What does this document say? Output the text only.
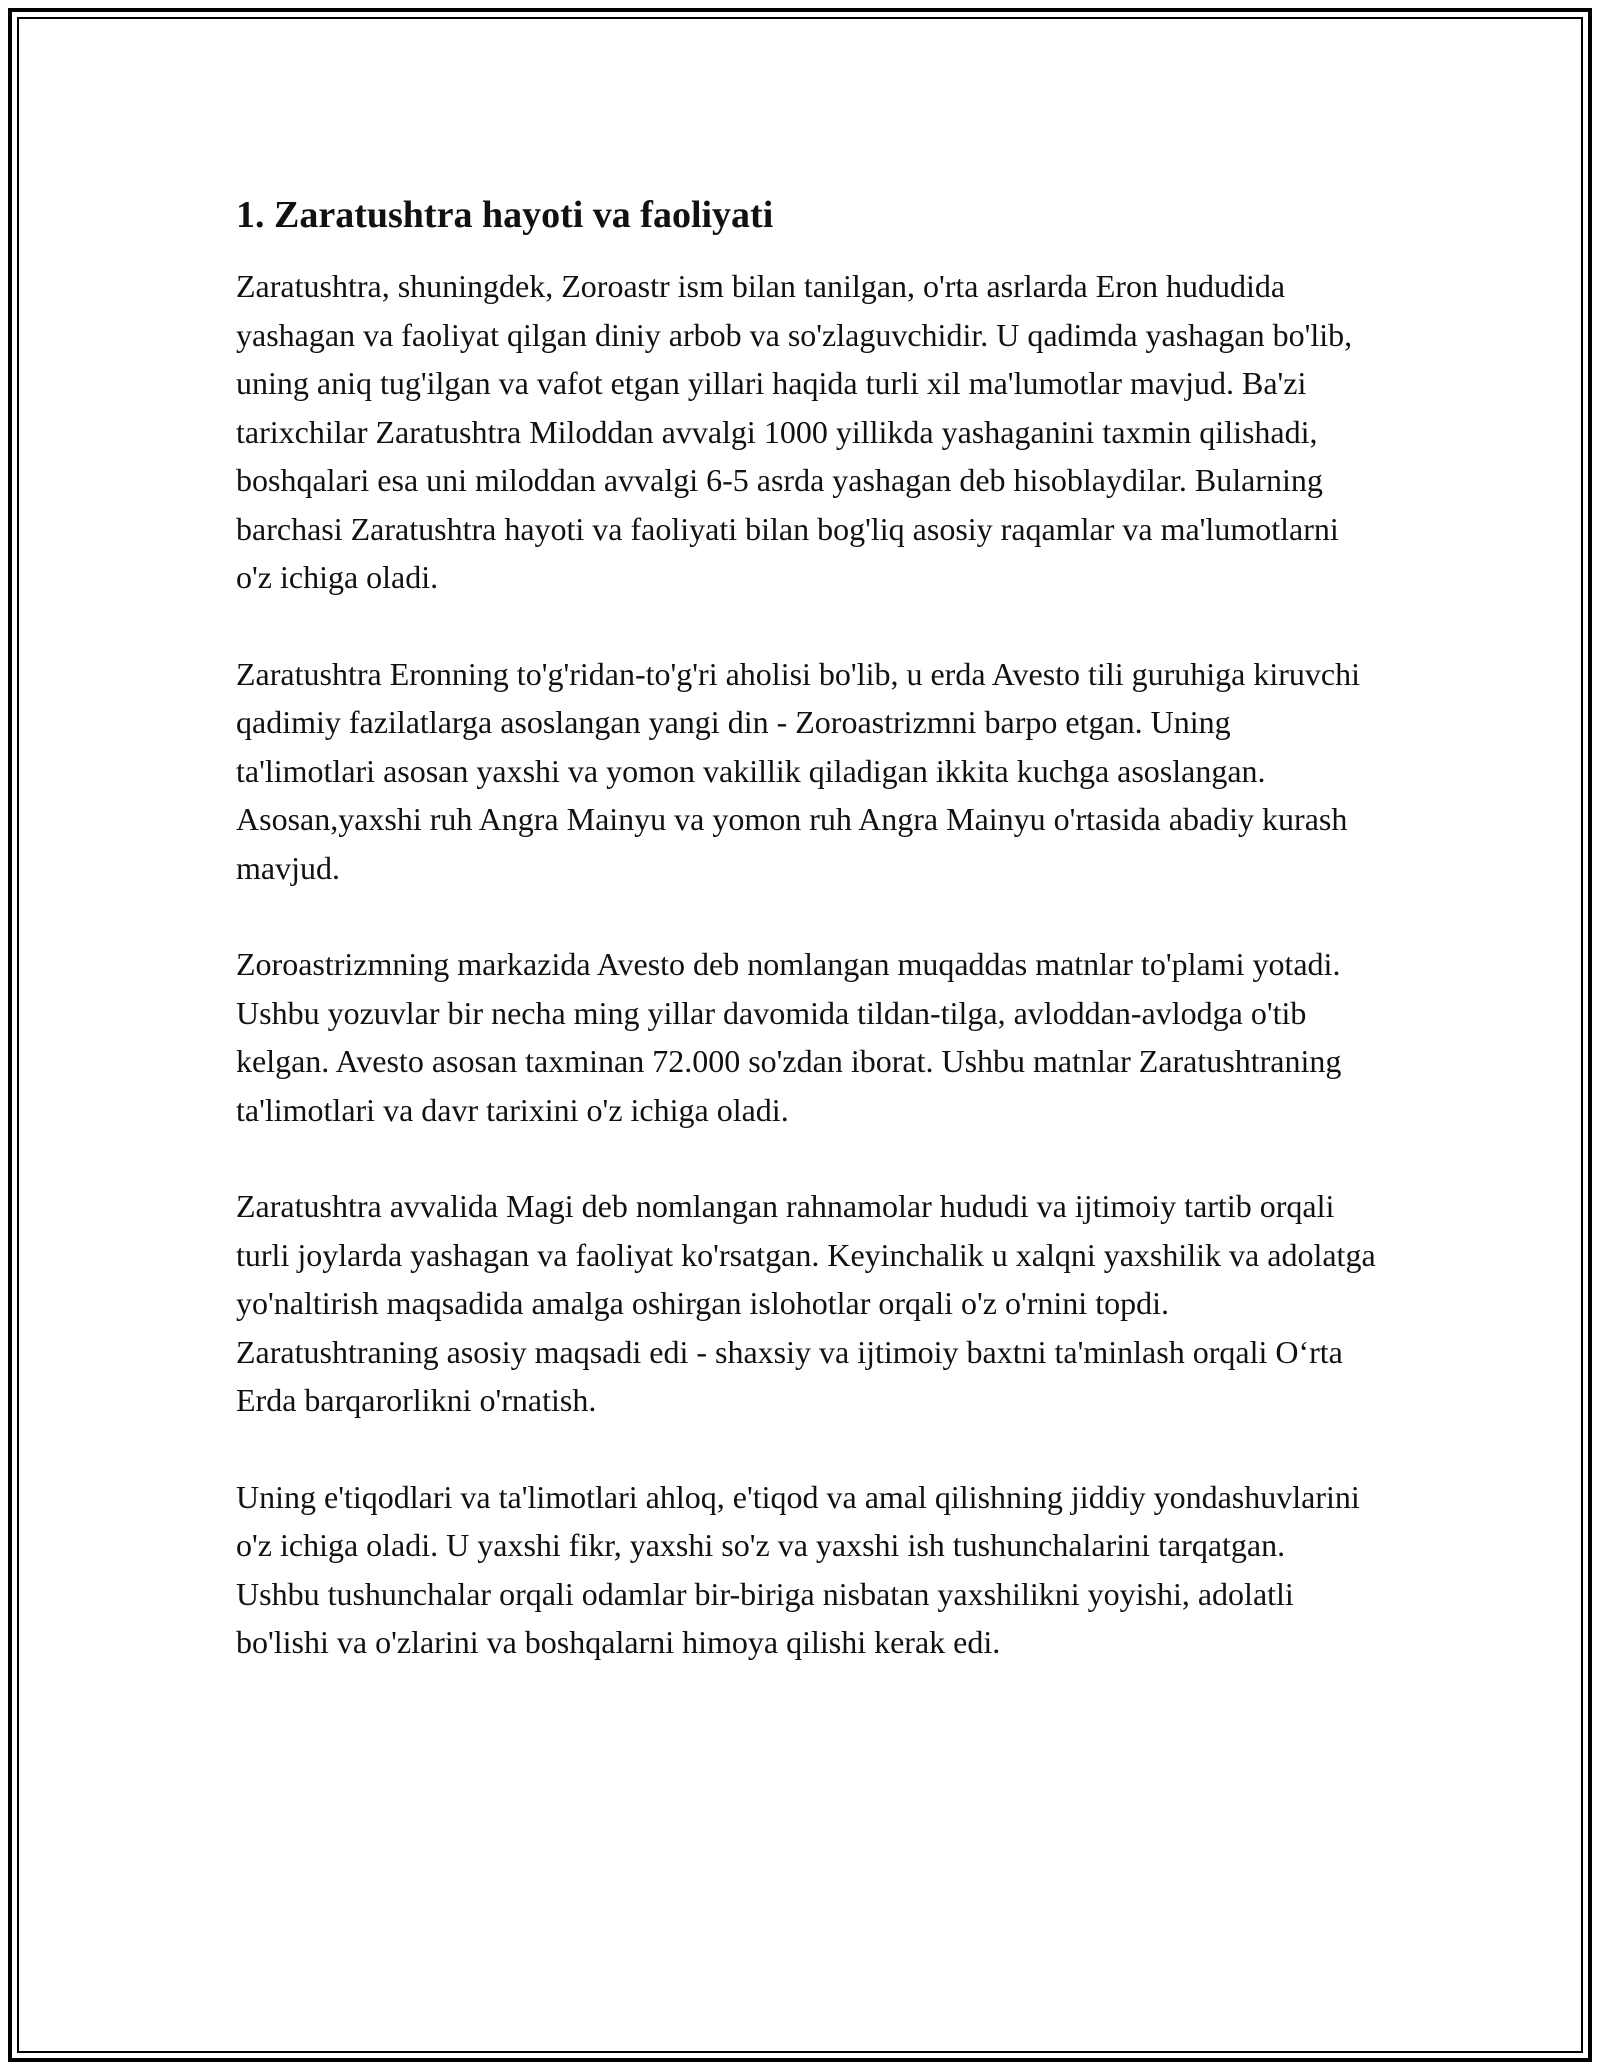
1. Zaratushtra hayoti va faoliyati

Zaratushtra, shuningdek, Zoroastr ism bilan tanilgan, o'rta asrlarda Eron hududida yashagan va faoliyat qilgan diniy arbob va so'zlaguvchidir. U qadimda yashagan bo'lib, uning aniq tug'ilgan va vafot etgan yillari haqida turli xil ma'lumotlar mavjud. Ba'zi tarixchilar Zaratushtra Miloddan avvalgi 1000 yillikda yashaganini taxmin qilishadi, boshqalari esa uni miloddan avvalgi 6-5 asrda yashagan deb hisoblaydilar. Bularning barchasi Zaratushtra hayoti va faoliyati bilan bog'liq asosiy raqamlar va ma'lumotlarni o'z ichiga oladi.

Zaratushtra Eronning to'g'ridan-to'g'ri aholisi bo'lib, u erda Avesto tili guruhiga kiruvchi qadimiy fazilatlarga asoslangan yangi din - Zoroastrizmni barpo etgan. Uning ta'limotlari asosan yaxshi va yomon vakillik qiladigan ikkita kuchga asoslangan. Asosan,yaxshi ruh Angra Mainyu va yomon ruh Angra Mainyu o'rtasida abadiy kurash mavjud.

Zoroastrizmning markazida Avesto deb nomlangan muqaddas matnlar to'plami yotadi. Ushbu yozuvlar bir necha ming yillar davomida tildan-tilga, avloddan-avlodga o'tib kelgan. Avesto asosan taxminan 72.000 so'zdan iborat. Ushbu matnlar Zaratushtraning ta'limotlari va davr tarixini o'z ichiga oladi.

Zaratushtra avvalida Magi deb nomlangan rahnamolar hududi va ijtimoiy tartib orqali turli joylarda yashagan va faoliyat ko'rsatgan. Keyinchalik u xalqni yaxshilik va adolatga yo'naltirish maqsadida amalga oshirgan islohotlar orqali o'z o'rnini topdi. Zaratushtraning asosiy maqsadi edi - shaxsiy va ijtimoiy baxtni ta'minlash orqali O‘rta Erda barqarorlikni o'rnatish.

Uning e'tiqodlari va ta'limotlari ahloq, e'tiqod va amal qilishning jiddiy yondashuvlarini o'z ichiga oladi. U yaxshi fikr, yaxshi so'z va yaxshi ish tushunchalarini tarqatgan. Ushbu tushunchalar orqali odamlar bir-biriga nisbatan yaxshilikni yoyishi, adolatli bo'lishi va o'zlarini va boshqalarni himoya qilishi kerak edi.
